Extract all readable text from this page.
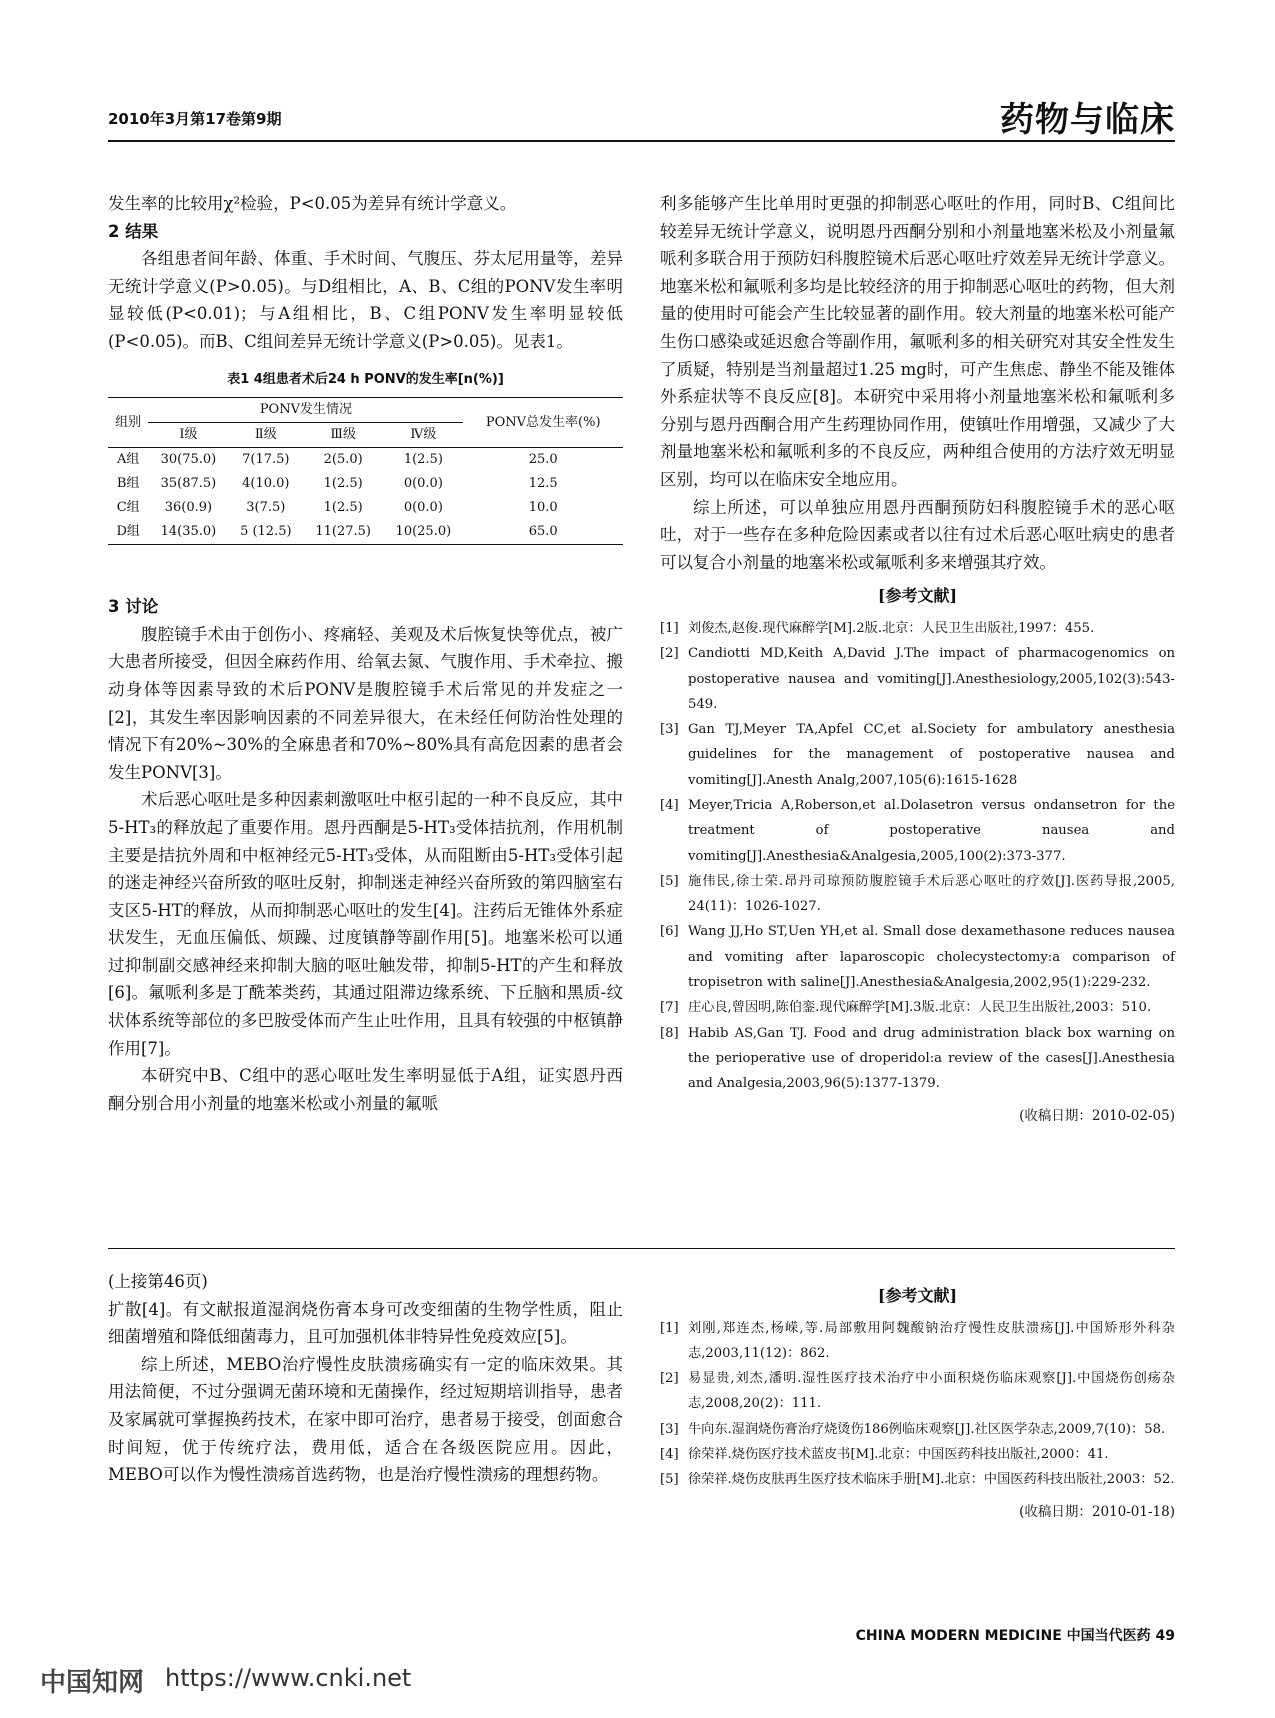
2010年3月第17卷第9期	药物与临床

发生率的比较用χ²检验，P<0.05为差异有统计学意义。

2 结果

各组患者间年龄、体重、手术时间、气腹压、芬太尼用量等，差异无统计学意义(P>0.05)。与D组相比，A、B、C组的PONV发生率明显较低(P<0.01)；与A组相比，B、C组PONV发生率明显较低(P<0.05)。而B、C组间差异无统计学意义(P>0.05)。见表1。

表1 4组患者术后24 h PONV的发生率[n(%)]
组别	PONV发生情况				PONV总发生率(%)
	Ⅰ级	Ⅱ级	Ⅲ级	Ⅳ级	
A组	30(75.0)	7(17.5)	2(5.0)	1(2.5)	25.0
B组	35(87.5)	4(10.0)	1(2.5)	0(0.0)	12.5
C组	36(0.9)	3(7.5)	1(2.5)	0(0.0)	10.0
D组	14(35.0)	5 (12.5)	11(27.5)	10(25.0)	65.0

3 讨论

腹腔镜手术由于创伤小、疼痛轻、美观及术后恢复快等优点，被广大患者所接受，但因全麻药作用、给氧去氮、气腹作用、手术牵拉、搬动身体等因素导致的术后PONV是腹腔镜手术后常见的并发症之一[2]，其发生率因影响因素的不同差异很大，在未经任何防治性处理的情况下有20%~30%的全麻患者和70%~80%具有高危因素的患者会发生PONV[3]。

术后恶心呕吐是多种因素刺激呕吐中枢引起的一种不良反应，其中5-HT₃的释放起了重要作用。恩丹西酮是5-HT₃受体拮抗剂，作用机制主要是拮抗外周和中枢神经元5-HT₃受体，从而阻断由5-HT₃受体引起的迷走神经兴奋所致的呕吐反射，抑制迷走神经兴奋所致的第四脑室右支区5-HT的释放，从而抑制恶心呕吐的发生[4]。注药后无锥体外系症状发生，无血压偏低、烦躁、过度镇静等副作用[5]。地塞米松可以通过抑制副交感神经来抑制大脑的呕吐触发带，抑制5-HT的产生和释放[6]。氟哌利多是丁酰苯类药，其通过阻滞边缘系统、下丘脑和黑质-纹状体系统等部位的多巴胺受体而产生止吐作用，且具有较强的中枢镇静作用[7]。

本研究中B、C组中的恶心呕吐发生率明显低于A组，证实恩丹西酮分别合用小剂量的地塞米松或小剂量的氟哌

利多能够产生比单用时更强的抑制恶心呕吐的作用，同时B、C组间比较差异无统计学意义，说明恩丹西酮分别和小剂量地塞米松及小剂量氟哌利多联合用于预防妇科腹腔镜术后恶心呕吐疗效差异无统计学意义。地塞米松和氟哌利多均是比较经济的用于抑制恶心呕吐的药物，但大剂量的使用时可能会产生比较显著的副作用。较大剂量的地塞米松可能产生伤口感染或延迟愈合等副作用，氟哌利多的相关研究对其安全性发生了质疑，特别是当剂量超过1.25 mg时，可产生焦虑、静坐不能及锥体外系症状等不良反应[8]。本研究中采用将小剂量地塞米松和氟哌利多分别与恩丹西酮合用产生药理协同作用，使镇吐作用增强，又减少了大剂量地塞米松和氟哌利多的不良反应，两种组合使用的方法疗效无明显区别，均可以在临床安全地应用。

综上所述，可以单独应用恩丹西酮预防妇科腹腔镜手术的恶心呕吐，对于一些存在多种危险因素或者以往有过术后恶心呕吐病史的患者可以复合小剂量的地塞米松或氟哌利多来增强其疗效。

[参考文献]
[1] 刘俊杰,赵俊.现代麻醉学[M].2版.北京：人民卫生出版社,1997：455.
[2] Candiotti MD,Keith A,David J.The impact of pharmacogenomics on postoperative nausea and vomiting[J].Anesthesiology,2005,102(3):543-549.
[3] Gan TJ,Meyer TA,Apfel CC,et al.Society for ambulatory anesthesia guidelines for the management of postoperative nausea and vomiting[J].Anesth Analg,2007,105(6):1615-1628
[4] Meyer,Tricia A,Roberson,et al.Dolasetron versus ondansetron for the treatment of postoperative nausea and vomiting[J].Anesthesia&Analgesia,2005,100(2):373-377.
[5] 施伟民,徐士荣.昂丹司琼预防腹腔镜手术后恶心呕吐的疗效[J].医药导报,2005, 24(11)：1026-1027.
[6] Wang JJ,Ho ST,Uen YH,et al. Small dose dexamethasone reduces nausea and vomiting after laparoscopic cholecystectomy:a comparison of tropisetron with saline[J].Anesthesia&Analgesia,2002,95(1):229-232.
[7] 庄心良,曾因明,陈伯銮.现代麻醉学[M].3版.北京：人民卫生出版社,2003：510.
[8] Habib AS,Gan TJ. Food and drug administration black box warning on the perioperative use of droperidol:a review of the cases[J].Anesthesia and Analgesia,2003,96(5):1377-1379.
(收稿日期：2010-02-05)

(上接第46页)

扩散[4]。有文献报道湿润烧伤膏本身可改变细菌的生物学性质，阻止细菌增殖和降低细菌毒力，且可加强机体非特异性免疫效应[5]。

综上所述，MEBO治疗慢性皮肤溃疡确实有一定的临床效果。其用法简便，不过分强调无菌环境和无菌操作，经过短期培训指导，患者及家属就可掌握换药技术，在家中即可治疗，患者易于接受，创面愈合时间短，优于传统疗法，费用低，适合在各级医院应用。因此，MEBO可以作为慢性溃疡首选药物，也是治疗慢性溃疡的理想药物。

[参考文献]
[1] 刘刚,郑连杰,杨嵘,等.局部敷用阿魏酸钠治疗慢性皮肤溃疡[J].中国矫形外科杂志,2003,11(12)：862.
[2] 易显贵,刘杰,潘明.湿性医疗技术治疗中小面积烧伤临床观察[J].中国烧伤创疡杂志,2008,20(2)：111.
[3] 牛向东.湿润烧伤膏治疗烧烫伤186例临床观察[J].社区医学杂志,2009,7(10)：58.
[4] 徐荣祥.烧伤医疗技术蓝皮书[M].北京：中国医药科技出版社,2000：41.
[5] 徐荣祥.烧伤皮肤再生医疗技术临床手册[M].北京：中国医药科技出版社,2003：52.
(收稿日期：2010-01-18)
CHINA MODERN MEDICINE 中国当代医药 49
中国知网 https://www.cnki.net
